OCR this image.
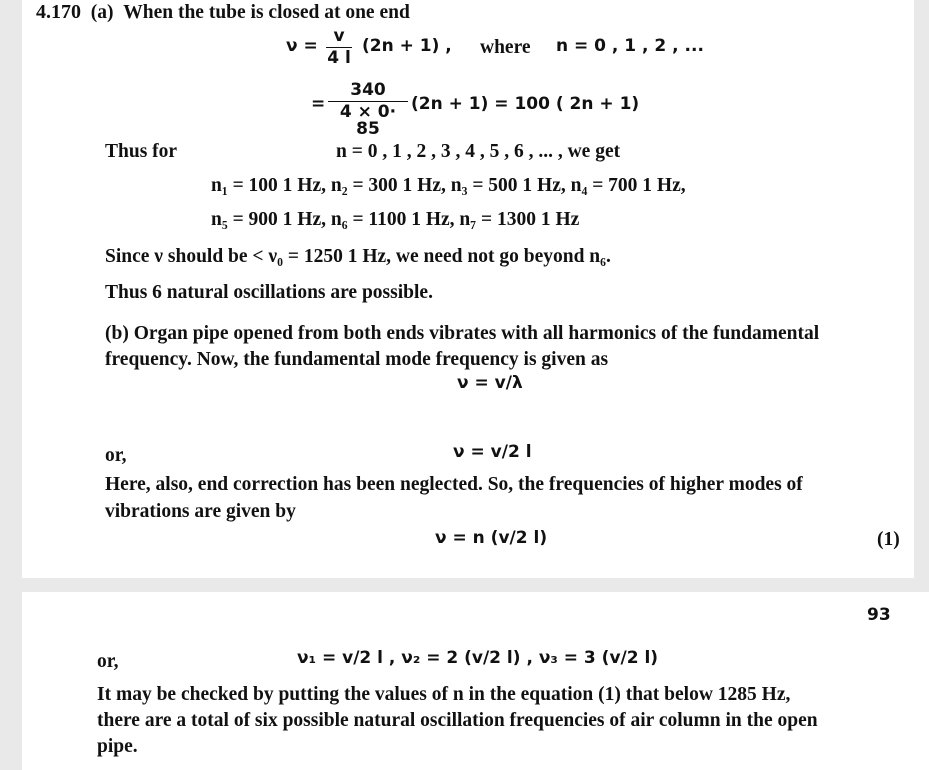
4.170 (a) When the tube is closed at one end
$\nu = \frac{v}{4 l} (2n + 1)$ , where n = 0 , 1 , 2 , ...
= $\frac{340}{4 \times 0\cdot 85} (2n + 1) = 100$ ( 2n + 1)
Thus for	n = 0 , 1 , 2 , 3 , 4 , 5 , 6 , ... , we get
n₁ = 100 1 Hz, n₂ = 300 1 Hz, n₃ = 500 1 Hz, n₄ = 700 1 Hz,
n₅ = 900 1 Hz, n₆ = 1100 1 Hz, n₇ = 1300 1 Hz
Since ν should be < ν₀ = 1250 1 Hz, we need not go beyond n₆.
Thus 6 natural oscillations are possible.
(b) Organ pipe opened from both ends vibrates with all harmonics of the fundamental
frequency. Now, the fundamental mode frequency is given as
ν = v/λ
or,	ν = v/2 l
Here, also, end correction has been neglected. So, the frequencies of higher modes of
vibrations are given by
ν = n (v/2 l)	(1)
93
or,	ν₁ = v/2 l , ν₂ = 2 (v/2 l) , ν₃ = 3 (v/2 l)
It may be checked by putting the values of n in the equation (1) that below 1285 Hz,
there are a total of six possible natural oscillation frequencies of air column in the open
pipe.
